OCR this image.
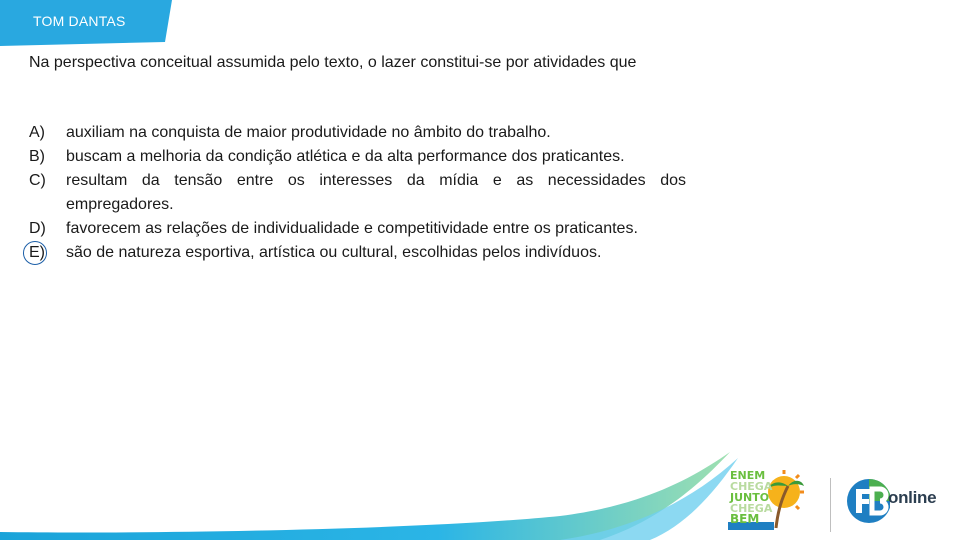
TOM DANTAS

Na perspectiva conceitual assumida pelo texto, o lazer constitui-se por atividades que

A) auxiliam na conquista de maior produtividade no âmbito do trabalho.
B) buscam a melhoria da condição atlética e da alta performance dos praticantes.
C) resultam da tensão entre os interesses da mídia e as necessidades dos empregadores.
D) favorecem as relações de individualidade e competitividade entre os praticantes.
E) são de natureza esportiva, artística ou cultural, escolhidas pelos indivíduos.
ENEM
CHEGA
JUNTO
CHEGA
BEM
online
